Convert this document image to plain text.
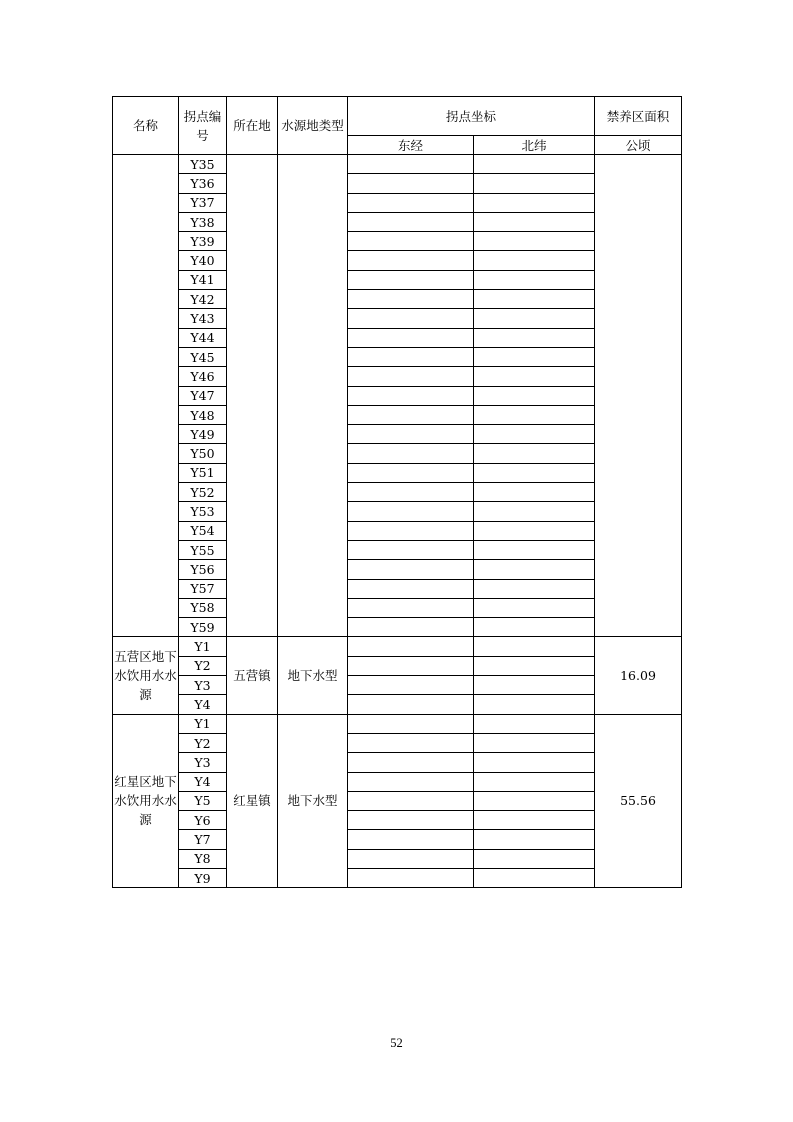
名称	拐点编号	所在地	水源地类型	拐点坐标		禁养区面积
				东经	北纬	公顷
	Y35					
	Y36					
	Y37					
	Y38					
	Y39					
	Y40					
	Y41					
	Y42					
	Y43					
	Y44					
	Y45					
	Y46					
	Y47					
	Y48					
	Y49					
	Y50					
	Y51					
	Y52					
	Y53					
	Y54					
	Y55					
	Y56					
	Y57					
	Y58					
	Y59					
五营区地下水饮用水水源	Y1	五营镇	地下水型			16.09
	Y2					
	Y3					
	Y4					
红星区地下水饮用水水源	Y1	红星镇	地下水型			55.56
	Y2					
	Y3					
	Y4					
	Y5					
	Y6					
	Y7					
	Y8					
	Y9					
52
